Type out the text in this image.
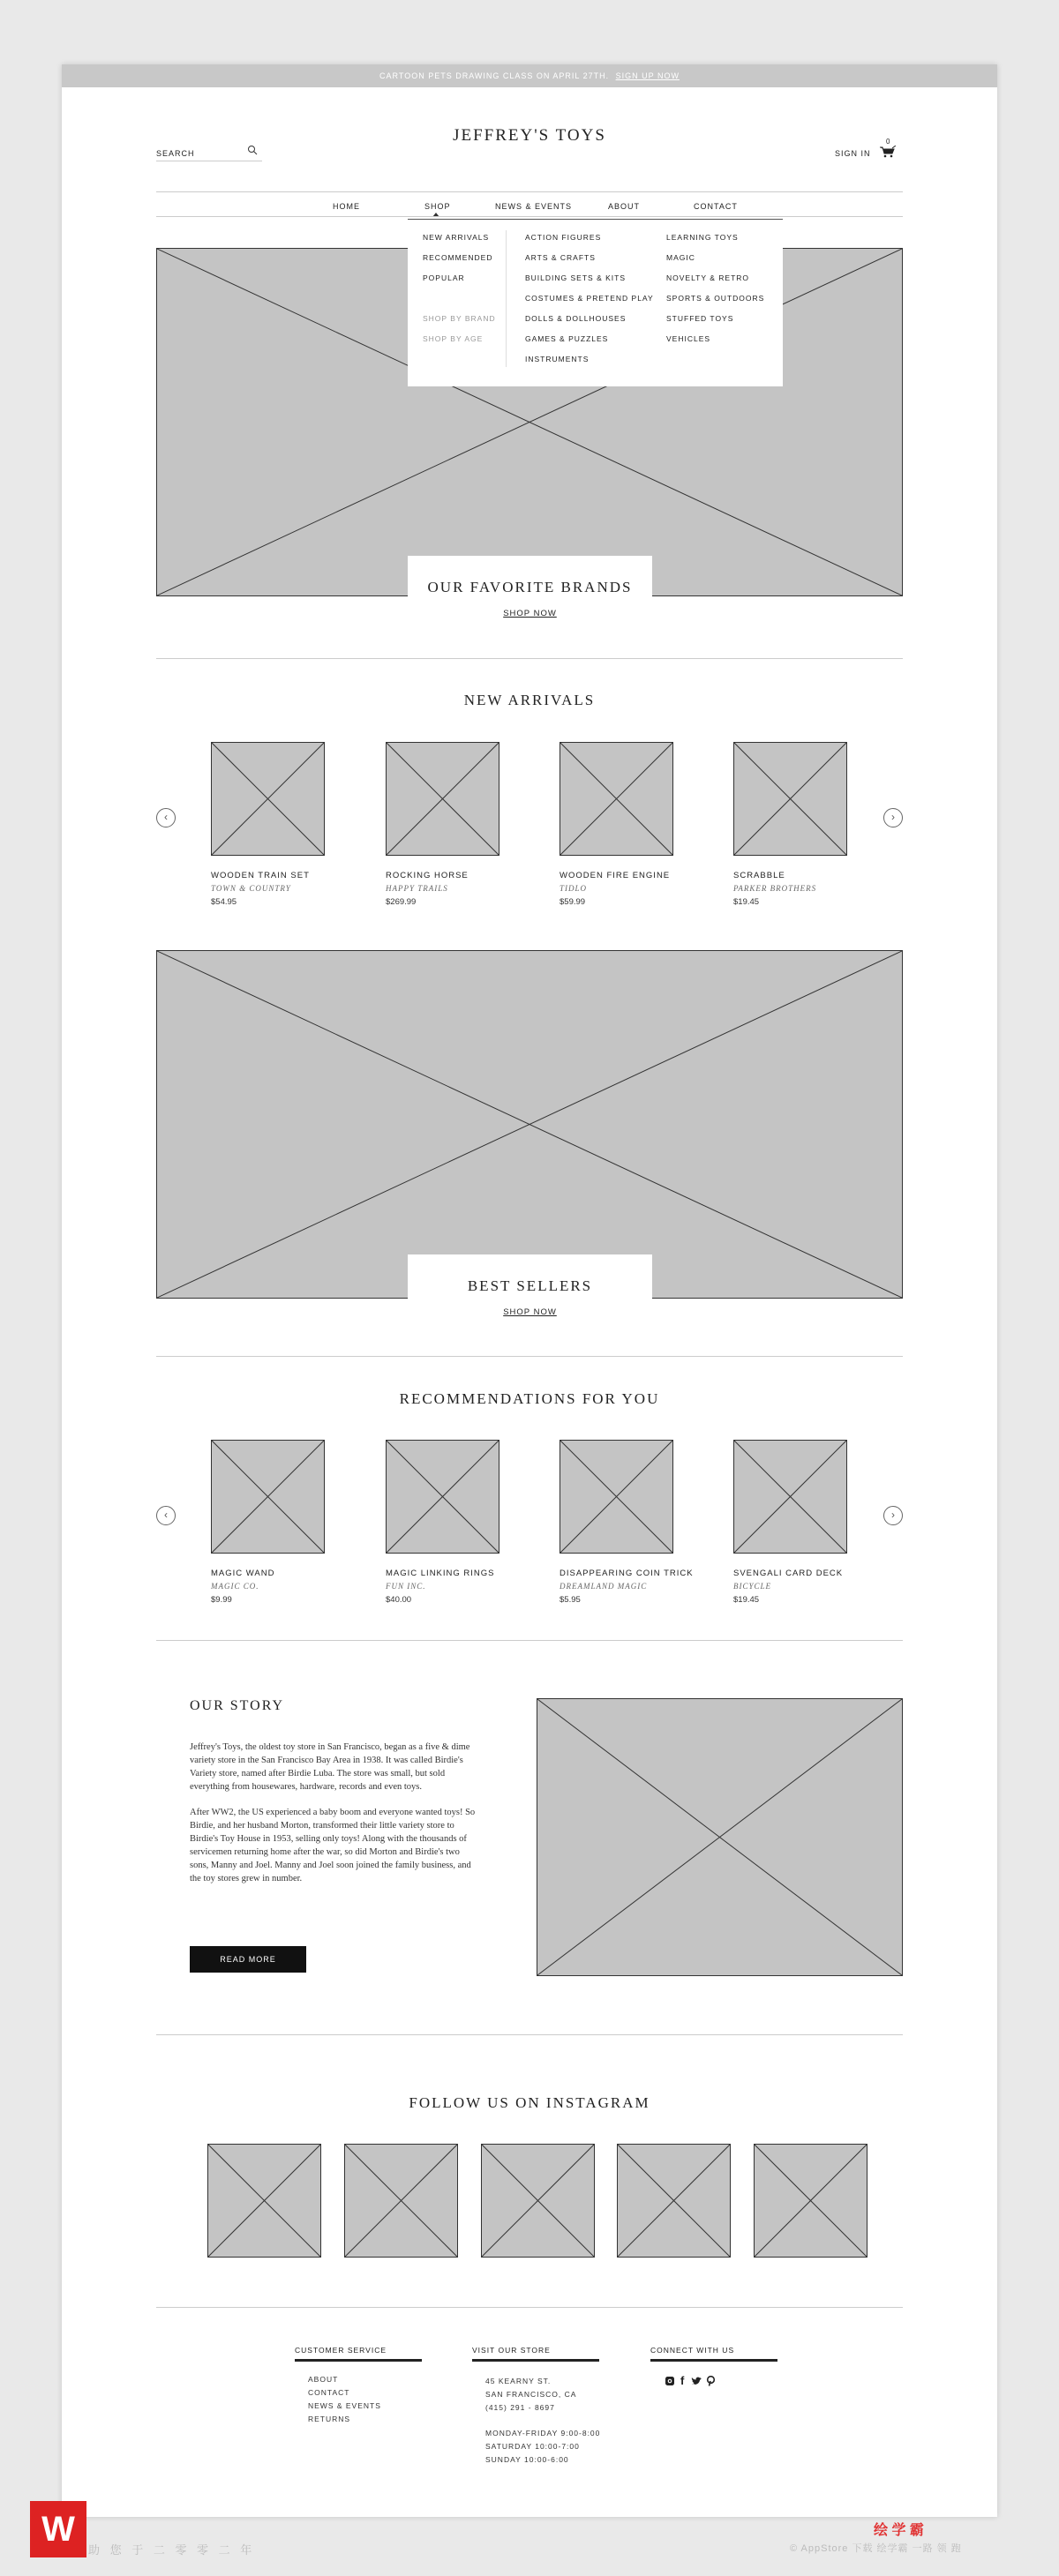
CARTOON PETS DRAWING CLASS ON APRIL 27TH. SIGN UP NOW
JEFFREY'S TOYS
SEARCH	SIGN IN
0
HOME	SHOP	NEWS & EVENTS	ABOUT	CONTACT
OUR FAVORITE BRANDS
SHOP NOW
NEW ARRIVALS
RECOMMENDED
POPULAR
SHOP BY BRAND
SHOP BY AGE
ACTION FIGURES
ARTS & CRAFTS
BUILDING SETS & KITS
COSTUMES & PRETEND PLAY
DOLLS & DOLLHOUSES
GAMES & PUZZLES
INSTRUMENTS
LEARNING TOYS
MAGIC
NOVELTY & RETRO
SPORTS & OUTDOORS
STUFFED TOYS
VEHICLES
NEW ARRIVALS
‹	›
WOODEN TRAIN SET
TOWN & COUNTRY
$54.95
ROCKING HORSE
HAPPY TRAILS
$269.99
WOODEN FIRE ENGINE
TIDLO
$59.99
SCRABBLE
PARKER BROTHERS
$19.45
BEST SELLERS
SHOP NOW
RECOMMENDATIONS FOR YOU
‹	›
MAGIC WAND
MAGIC CO.
$9.99
MAGIC LINKING RINGS
FUN INC.
$40.00
DISAPPEARING COIN TRICK
DREAMLAND MAGIC
$5.95
SVENGALI CARD DECK
BICYCLE
$19.45
OUR STORY

Jeffrey's Toys, the oldest toy store in San Francisco, began as a five & dime variety store in the San Francisco Bay Area in 1938. It was called Birdie's Variety store, named after Birdie Luba. The store was small, but sold everything from housewares, hardware, records and even toys.

After WW2, the US experienced a baby boom and everyone wanted toys! So Birdie, and her husband Morton, transformed their little variety store to Birdie's Toy House in 1953, selling only toys! Along with the thousands of servicemen returning home after the war, so did Morton and Birdie's two sons, Manny and Joel. Manny and Joel soon joined the family business, and the toy stores grew in number.

READ MORE
FOLLOW US ON INSTAGRAM
CUSTOMER SERVICE
ABOUT
CONTACT
NEWS & EVENTS
RETURNS
VISIT OUR STORE
45 KEARNY ST.
SAN FRANCISCO, CA
(415) 291 - 8697
MONDAY-FRIDAY 9:00-8:00
SATURDAY 10:00-7:00
SUNDAY 10:00-6:00
CONNECT WITH US
f
W
助 您 于 二 零 零 二 年
绘 学 霸
© AppStore 下载 绘学霸 一路 领 跑
